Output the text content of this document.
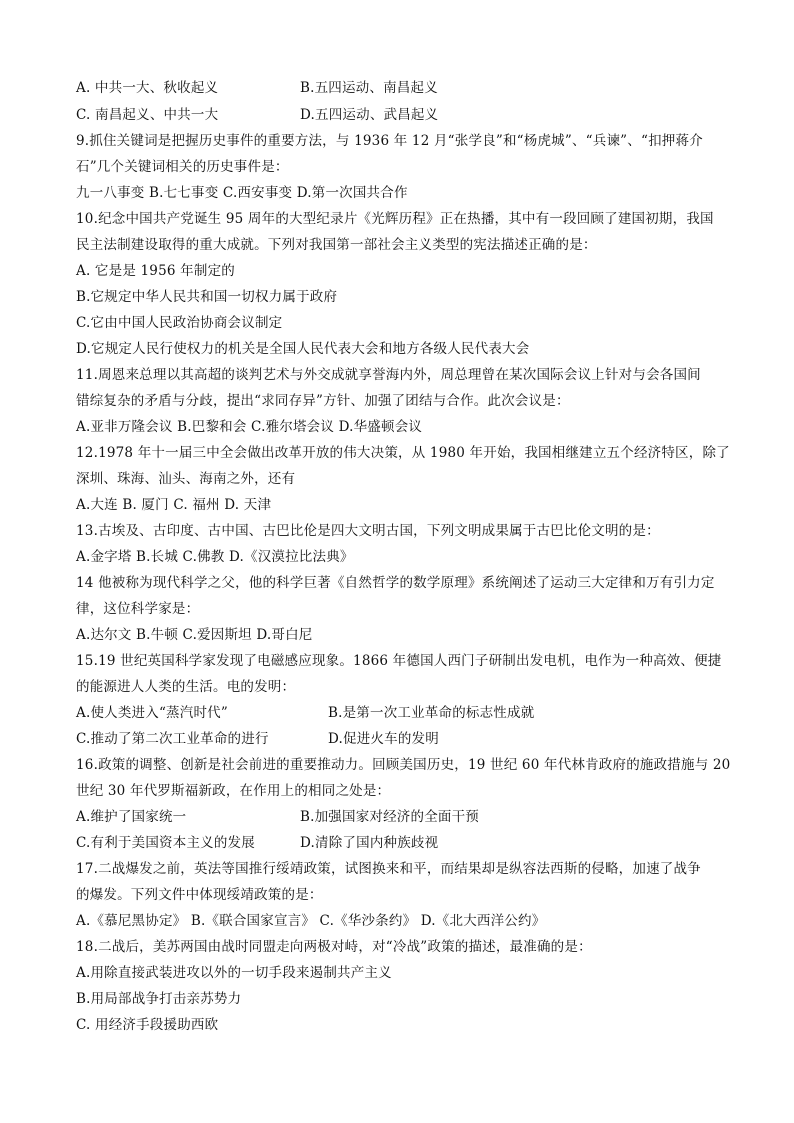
A. 中共一大、秋收起义	B.五四运动、南昌起义
C. 南昌起义、中共一大	D.五四运动、武昌起义
9.抓住关键词是把握历史事件的重要方法，与 1936 年 12 月“张学良”和“杨虎城”、“兵谏”、“扣押蒋介
石”几个关键词相关的历史事件是：
九一八事变 B.七七事变 C.西安事变 D.第一次国共合作
10.纪念中国共产党诞生 95 周年的大型纪录片《光辉历程》正在热播，其中有一段回顾了建国初期，我国
民主法制建设取得的重大成就。下列对我国第一部社会主义类型的宪法描述正确的是：
A. 它是是 1956 年制定的
B.它规定中华人民共和国一切权力属于政府
C.它由中国人民政治协商会议制定
D.它规定人民行使权力的机关是全国人民代表大会和地方各级人民代表大会
11.周恩来总理以其高超的谈判艺术与外交成就享誉海内外，周总理曾在某次国际会议上针对与会各国间
错综复杂的矛盾与分歧，提出“求同存异”方针、加强了团结与合作。此次会议是：
A.亚非万隆会议 B.巴黎和会 C.雅尔塔会议 D.华盛顿会议
12.1978 年十一届三中全会做出改革开放的伟大决策，从 1980 年开始，我国相继建立五个经济特区，除了
深圳、珠海、汕头、海南之外，还有
A.大连 B. 厦门 C. 福州 D. 天津
13.古埃及、古印度、古中国、古巴比伦是四大文明古国，下列文明成果属于古巴比伦文明的是：
A.金字塔 B.长城 C.佛教 D.《汉漠拉比法典》
14 他被称为现代科学之父，他的科学巨著《自然哲学的数学原理》系统阐述了运动三大定律和万有引力定
律，这位科学家是：
A.达尔文 B.牛顿 C.爱因斯坦 D.哥白尼
15.19 世纪英国科学家发现了电磁感应现象。1866 年德国人西门子研制出发电机，电作为一种高效、便捷
的能源进人人类的生活。电的发明：
A.使人类进入“蒸汽时代”	B.是第一次工业革命的标志性成就
C.推动了第二次工业革命的进行	D.促进火车的发明
16.政策的调整、创新是社会前进的重要推动力。回顾美国历史，19 世纪 60 年代林肯政府的施政措施与 20
世纪 30 年代罗斯福新政，在作用上的相同之处是：
A.维护了国家统一	B.加强国家对经济的全面干预
C.有利于美国资本主义的发展	D.清除了国内种族歧视
17.二战爆发之前，英法等国推行绥靖政策，试图换来和平，而结果却是纵容法西斯的侵略，加速了战争
的爆发。下列文件中体现绥靖政策的是：
A.《慕尼黑协定》 B.《联合国家宣言》 C.《华沙条约》 D.《北大西洋公约》
18.二战后，美苏两国由战时同盟走向两极对峙，对“冷战”政策的描述，最准确的是：
A.用除直接武装进攻以外的一切手段来遏制共产主义
B.用局部战争打击亲苏势力
C. 用经济手段援助西欧
